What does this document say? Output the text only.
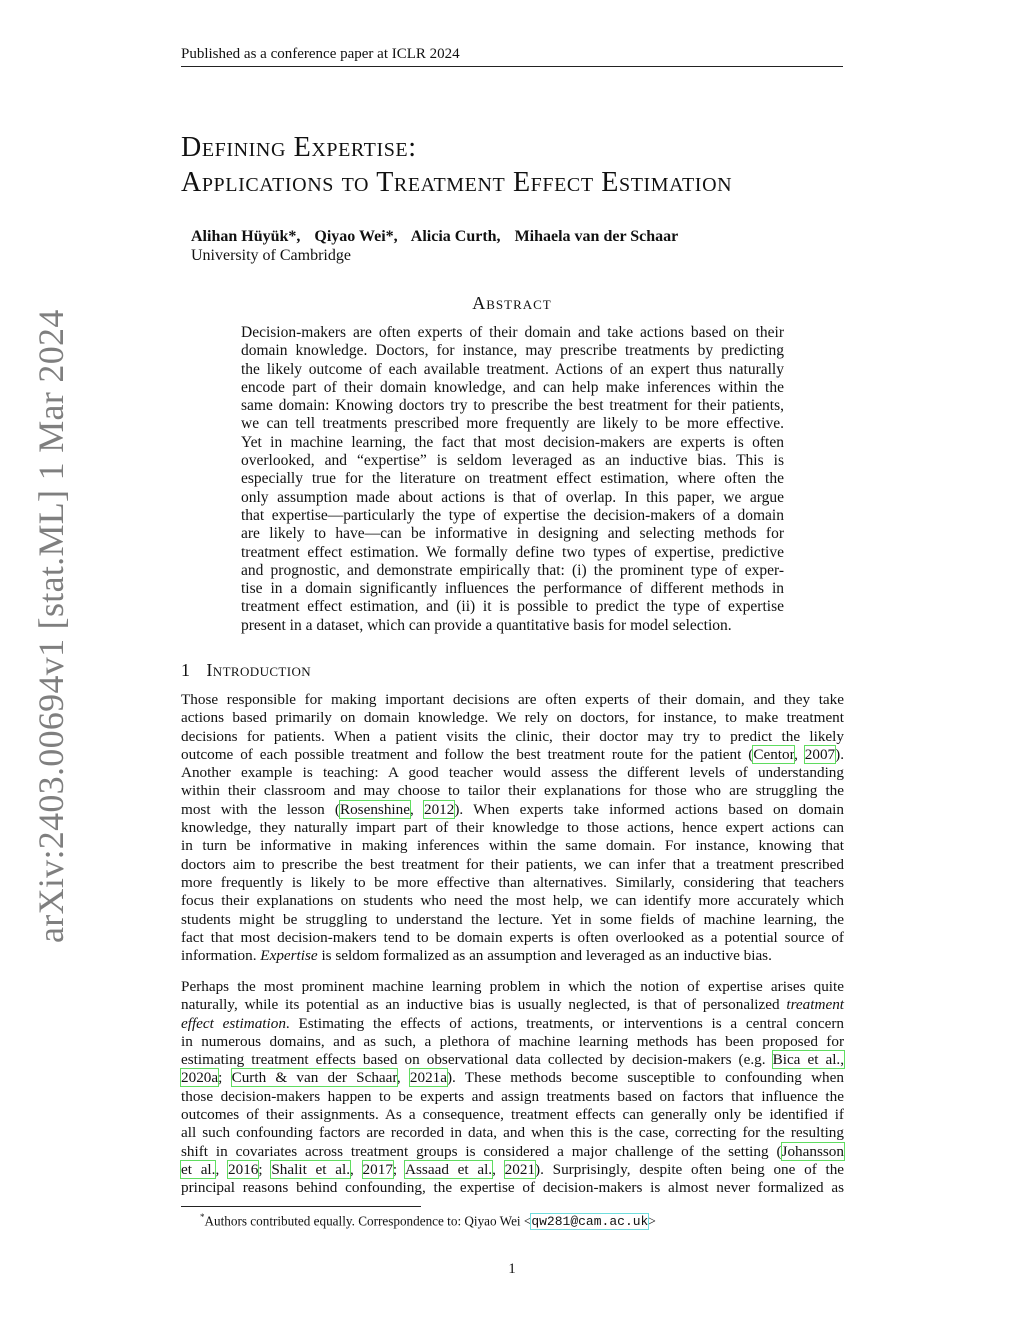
Published as a conference paper at ICLR 2024
arXiv:2403.00694v1 [stat.ML] 1 Mar 2024
Defining Expertise:
Applications to Treatment Effect Estimation
Alihan Hüyük*, Qiyao Wei*, Alicia Curth, Mihaela van der Schaar
University of Cambridge
Abstract
Decision-makers are often experts of their domain and take actions based on their
domain knowledge. Doctors, for instance, may prescribe treatments by predicting
the likely outcome of each available treatment. Actions of an expert thus naturally
encode part of their domain knowledge, and can help make inferences within the
same domain: Knowing doctors try to prescribe the best treatment for their patients,
we can tell treatments prescribed more frequently are likely to be more effective.
Yet in machine learning, the fact that most decision-makers are experts is often
overlooked, and “expertise” is seldom leveraged as an inductive bias. This is
especially true for the literature on treatment effect estimation, where often the
only assumption made about actions is that of overlap. In this paper, we argue
that expertise—particularly the type of expertise the decision-makers of a domain
are likely to have—can be informative in designing and selecting methods for
treatment effect estimation. We formally define two types of expertise, predictive
and prognostic, and demonstrate empirically that: (i) the prominent type of exper-
tise in a domain significantly influences the performance of different methods in
treatment effect estimation, and (ii) it is possible to predict the type of expertise
present in a dataset, which can provide a quantitative basis for model selection.
1 Introduction
Those responsible for making important decisions are often experts of their domain, and they take
actions based primarily on domain knowledge. We rely on doctors, for instance, to make treatment
decisions for patients. When a patient visits the clinic, their doctor may try to predict the likely
outcome of each possible treatment and follow the best treatment route for the patient (Centor, 2007).
Another example is teaching: A good teacher would assess the different levels of understanding
within their classroom and may choose to tailor their explanations for those who are struggling the
most with the lesson (Rosenshine, 2012). When experts take informed actions based on domain
knowledge, they naturally impart part of their knowledge to those actions, hence expert actions can
in turn be informative in making inferences within the same domain. For instance, knowing that
doctors aim to prescribe the best treatment for their patients, we can infer that a treatment prescribed
more frequently is likely to be more effective than alternatives. Similarly, considering that teachers
focus their explanations on students who need the most help, we can identify more accurately which
students might be struggling to understand the lecture. Yet in some fields of machine learning, the
fact that most decision-makers tend to be domain experts is often overlooked as a potential source of
information. Expertise is seldom formalized as an assumption and leveraged as an inductive bias.
Perhaps the most prominent machine learning problem in which the notion of expertise arises quite
naturally, while its potential as an inductive bias is usually neglected, is that of personalized treatment
effect estimation. Estimating the effects of actions, treatments, or interventions is a central concern
in numerous domains, and as such, a plethora of machine learning methods has been proposed for
estimating treatment effects based on observational data collected by decision-makers (e.g. Bica et al.,
2020a; Curth & van der Schaar, 2021a). These methods become susceptible to confounding when
those decision-makers happen to be experts and assign treatments based on factors that influence the
outcomes of their assignments. As a consequence, treatment effects can generally only be identified if
all such confounding factors are recorded in data, and when this is the case, correcting for the resulting
shift in covariates across treatment groups is considered a major challenge of the setting (Johansson
et al., 2016; Shalit et al., 2017; Assaad et al., 2021). Surprisingly, despite often being one of the
principal reasons behind confounding, the expertise of decision-makers is almost never formalized as
*Authors contributed equally. Correspondence to: Qiyao Wei <qw281@cam.ac.uk>
1
